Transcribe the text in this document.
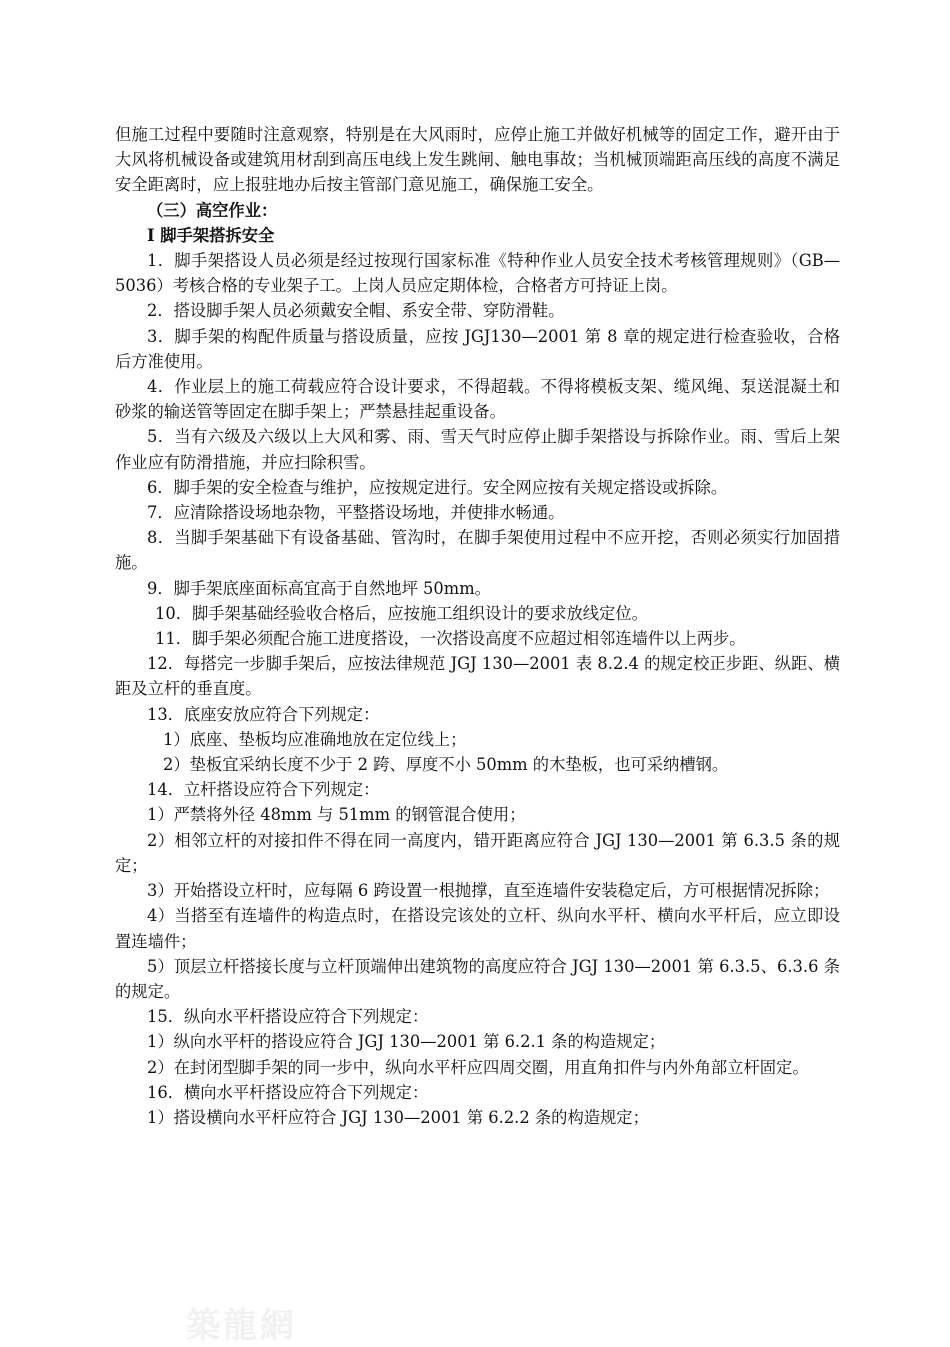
但施工过程中要随时注意观察，特别是在大风雨时，应停止施工并做好机械等的固定工作，避开由于大风将机械设备或建筑用材刮到高压电线上发生跳闸、触电事故；当机械顶端距高压线的高度不满足安全距离时，应上报驻地办后按主管部门意见施工，确保施工安全。

（三）高空作业：

Ⅰ 脚手架搭拆安全

1．脚手架搭设人员必须是经过按现行国家标准《特种作业人员安全技术考核管理规则》（GB—5036）考核合格的专业架子工。上岗人员应定期体检，合格者方可持证上岗。

2．搭设脚手架人员必须戴安全帽、系安全带、穿防滑鞋。

3．脚手架的构配件质量与搭设质量，应按 JGJ130—2001 第 8 章的规定进行检查验收，合格后方准使用。

4．作业层上的施工荷载应符合设计要求，不得超载。不得将模板支架、缆风绳、泵送混凝土和砂浆的输送管等固定在脚手架上；严禁悬挂起重设备。

5．当有六级及六级以上大风和雾、雨、雪天气时应停止脚手架搭设与拆除作业。雨、雪后上架作业应有防滑措施，并应扫除积雪。

6．脚手架的安全检查与维护，应按规定进行。安全网应按有关规定搭设或拆除。

7．应清除搭设场地杂物，平整搭设场地，并使排水畅通。

8．当脚手架基础下有设备基础、管沟时，在脚手架使用过程中不应开挖，否则必须实行加固措施。

9．脚手架底座面标高宜高于自然地坪 50mm。

10．脚手架基础经验收合格后，应按施工组织设计的要求放线定位。

11．脚手架必须配合施工进度搭设，一次搭设高度不应超过相邻连墙件以上两步。

12．每搭完一步脚手架后，应按法律规范 JGJ 130—2001 表 8.2.4 的规定校正步距、纵距、横距及立杆的垂直度。

13．底座安放应符合下列规定：

1）底座、垫板均应准确地放在定位线上；

2）垫板宜采纳长度不少于 2 跨、厚度不小 50mm 的木垫板，也可采纳槽钢。

14．立杆搭设应符合下列规定：

1）严禁将外径 48mm 与 51mm 的钢管混合使用；

2）相邻立杆的对接扣件不得在同一高度内，错开距离应符合 JGJ 130—2001 第 6.3.5 条的规定；

3）开始搭设立杆时，应每隔 6 跨设置一根抛撑，直至连墙件安装稳定后，方可根据情况拆除；

4）当搭至有连墙件的构造点时，在搭设完该处的立杆、纵向水平杆、横向水平杆后，应立即设置连墙件；

5）顶层立杆搭接长度与立杆顶端伸出建筑物的高度应符合 JGJ 130—2001 第 6.3.5、6.3.6 条的规定。

15．纵向水平杆搭设应符合下列规定：

1）纵向水平杆的搭设应符合 JGJ 130—2001 第 6.2.1 条的构造规定；

2）在封闭型脚手架的同一步中，纵向水平杆应四周交圈，用直角扣件与内外角部立杆固定。

16．横向水平杆搭设应符合下列规定：

1）搭设横向水平杆应符合 JGJ 130—2001 第 6.2.2 条的构造规定；

築龍網
